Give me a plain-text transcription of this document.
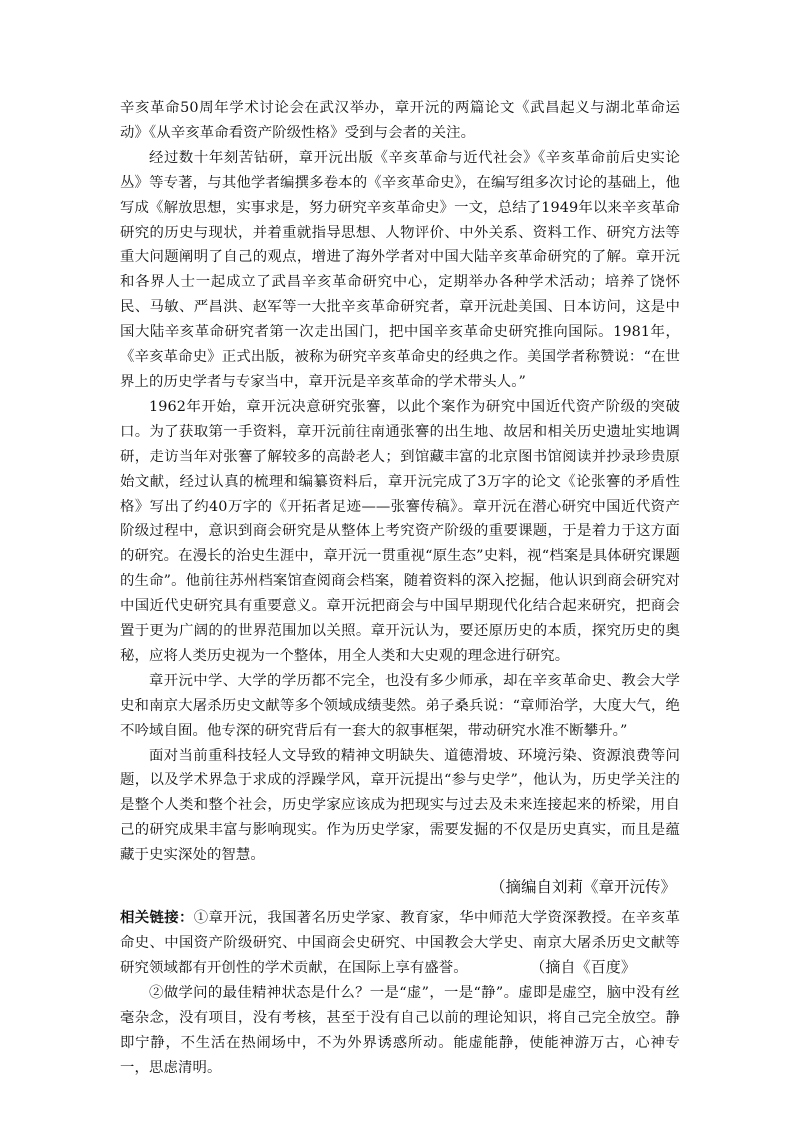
辛亥革命50周年学术讨论会在武汉举办，章开沅的两篇论文《武昌起义与湖北革命运动》《从辛亥革命看资产阶级性格》受到与会者的关注。

经过数十年刻苦钻研，章开沅出版《辛亥革命与近代社会》《辛亥革命前后史实论丛》等专著，与其他学者编撰多卷本的《辛亥革命史》，在编写组多次讨论的基础上，他写成《解放思想，实事求是，努力研究辛亥革命史》一文，总结了1949年以来辛亥革命研究的历史与现状，并着重就指导思想、人物评价、中外关系、资料工作、研究方法等重大问题阐明了自己的观点，增进了海外学者对中国大陆辛亥革命研究的了解。章开沅和各界人士一起成立了武昌辛亥革命研究中心，定期举办各种学术活动；培养了饶怀民、马敏、严昌洪、赵军等一大批辛亥革命研究者，章开沅赴美国、日本访问，这是中国大陆辛亥革命研究者第一次走出国门，把中国辛亥革命史研究推向国际。1981年，《辛亥革命史》正式出版，被称为研究辛亥革命史的经典之作。美国学者称赞说：“在世界上的历史学者与专家当中，章开沅是辛亥革命的学术带头人。”

1962年开始，章开沅决意研究张謇，以此个案作为研究中国近代资产阶级的突破口。为了获取第一手资料，章开沅前往南通张謇的出生地、故居和相关历史遗址实地调研，走访当年对张謇了解较多的高龄老人；到馆藏丰富的北京图书馆阅读并抄录珍贵原始文献，经过认真的梳理和编纂资料后，章开沅完成了3万字的论文《论张謇的矛盾性格》写出了约40万字的《开拓者足迹——张謇传稿》。章开沅在潜心研究中国近代资产阶级过程中，意识到商会研究是从整体上考究资产阶级的重要课题，于是着力于这方面的研究。在漫长的治史生涯中，章开沅一贯重视“原生态”史料，视“档案是具体研究课题的生命”。他前往苏州档案馆查阅商会档案，随着资料的深入挖掘，他认识到商会研究对中国近代史研究具有重要意义。章开沅把商会与中国早期现代化结合起来研究，把商会置于更为广阔的的世界范围加以关照。章开沅认为，要还原历史的本质，探究历史的奥秘，应将人类历史视为一个整体，用全人类和大史观的理念进行研究。

章开沅中学、大学的学历都不完全，也没有多少师承，却在辛亥革命史、教会大学史和南京大屠杀历史文献等多个领域成绩斐然。弟子桑兵说：“章师治学，大度大气，绝不吟域自囿。他专深的研究背后有一套大的叙事框架，带动研究水准不断攀升。”

面对当前重科技轻人文导致的精神文明缺失、道德滑坡、环境污染、资源浪费等问题，以及学术界急于求成的浮躁学风，章开沅提出“参与史学”，他认为，历史学关注的是整个人类和整个社会，历史学家应该成为把现实与过去及未来连接起来的桥梁，用自己的研究成果丰富与影响现实。作为历史学家，需要发掘的不仅是历史真实，而且是蕴藏于史实深处的智慧。

（摘编自刘莉《章开沅传》

相关链接：①章开沅，我国著名历史学家、教育家，华中师范大学资深教授。在辛亥革命史、中国资产阶级研究、中国商会史研究、中国教会大学史、南京大屠杀历史文献等研究领域都有开创性的学术贡献，在国际上享有盛誉。	（摘自《百度》

②做学问的最佳精神状态是什么？一是“虚”，一是“静”。虚即是虚空，脑中没有丝毫杂念，没有项目，没有考核，甚至于没有自己以前的理论知识，将自己完全放空。静即宁静，不生活在热闹场中，不为外界诱惑所动。能虚能静，使能神游万古，心神专一，思虑清明。
